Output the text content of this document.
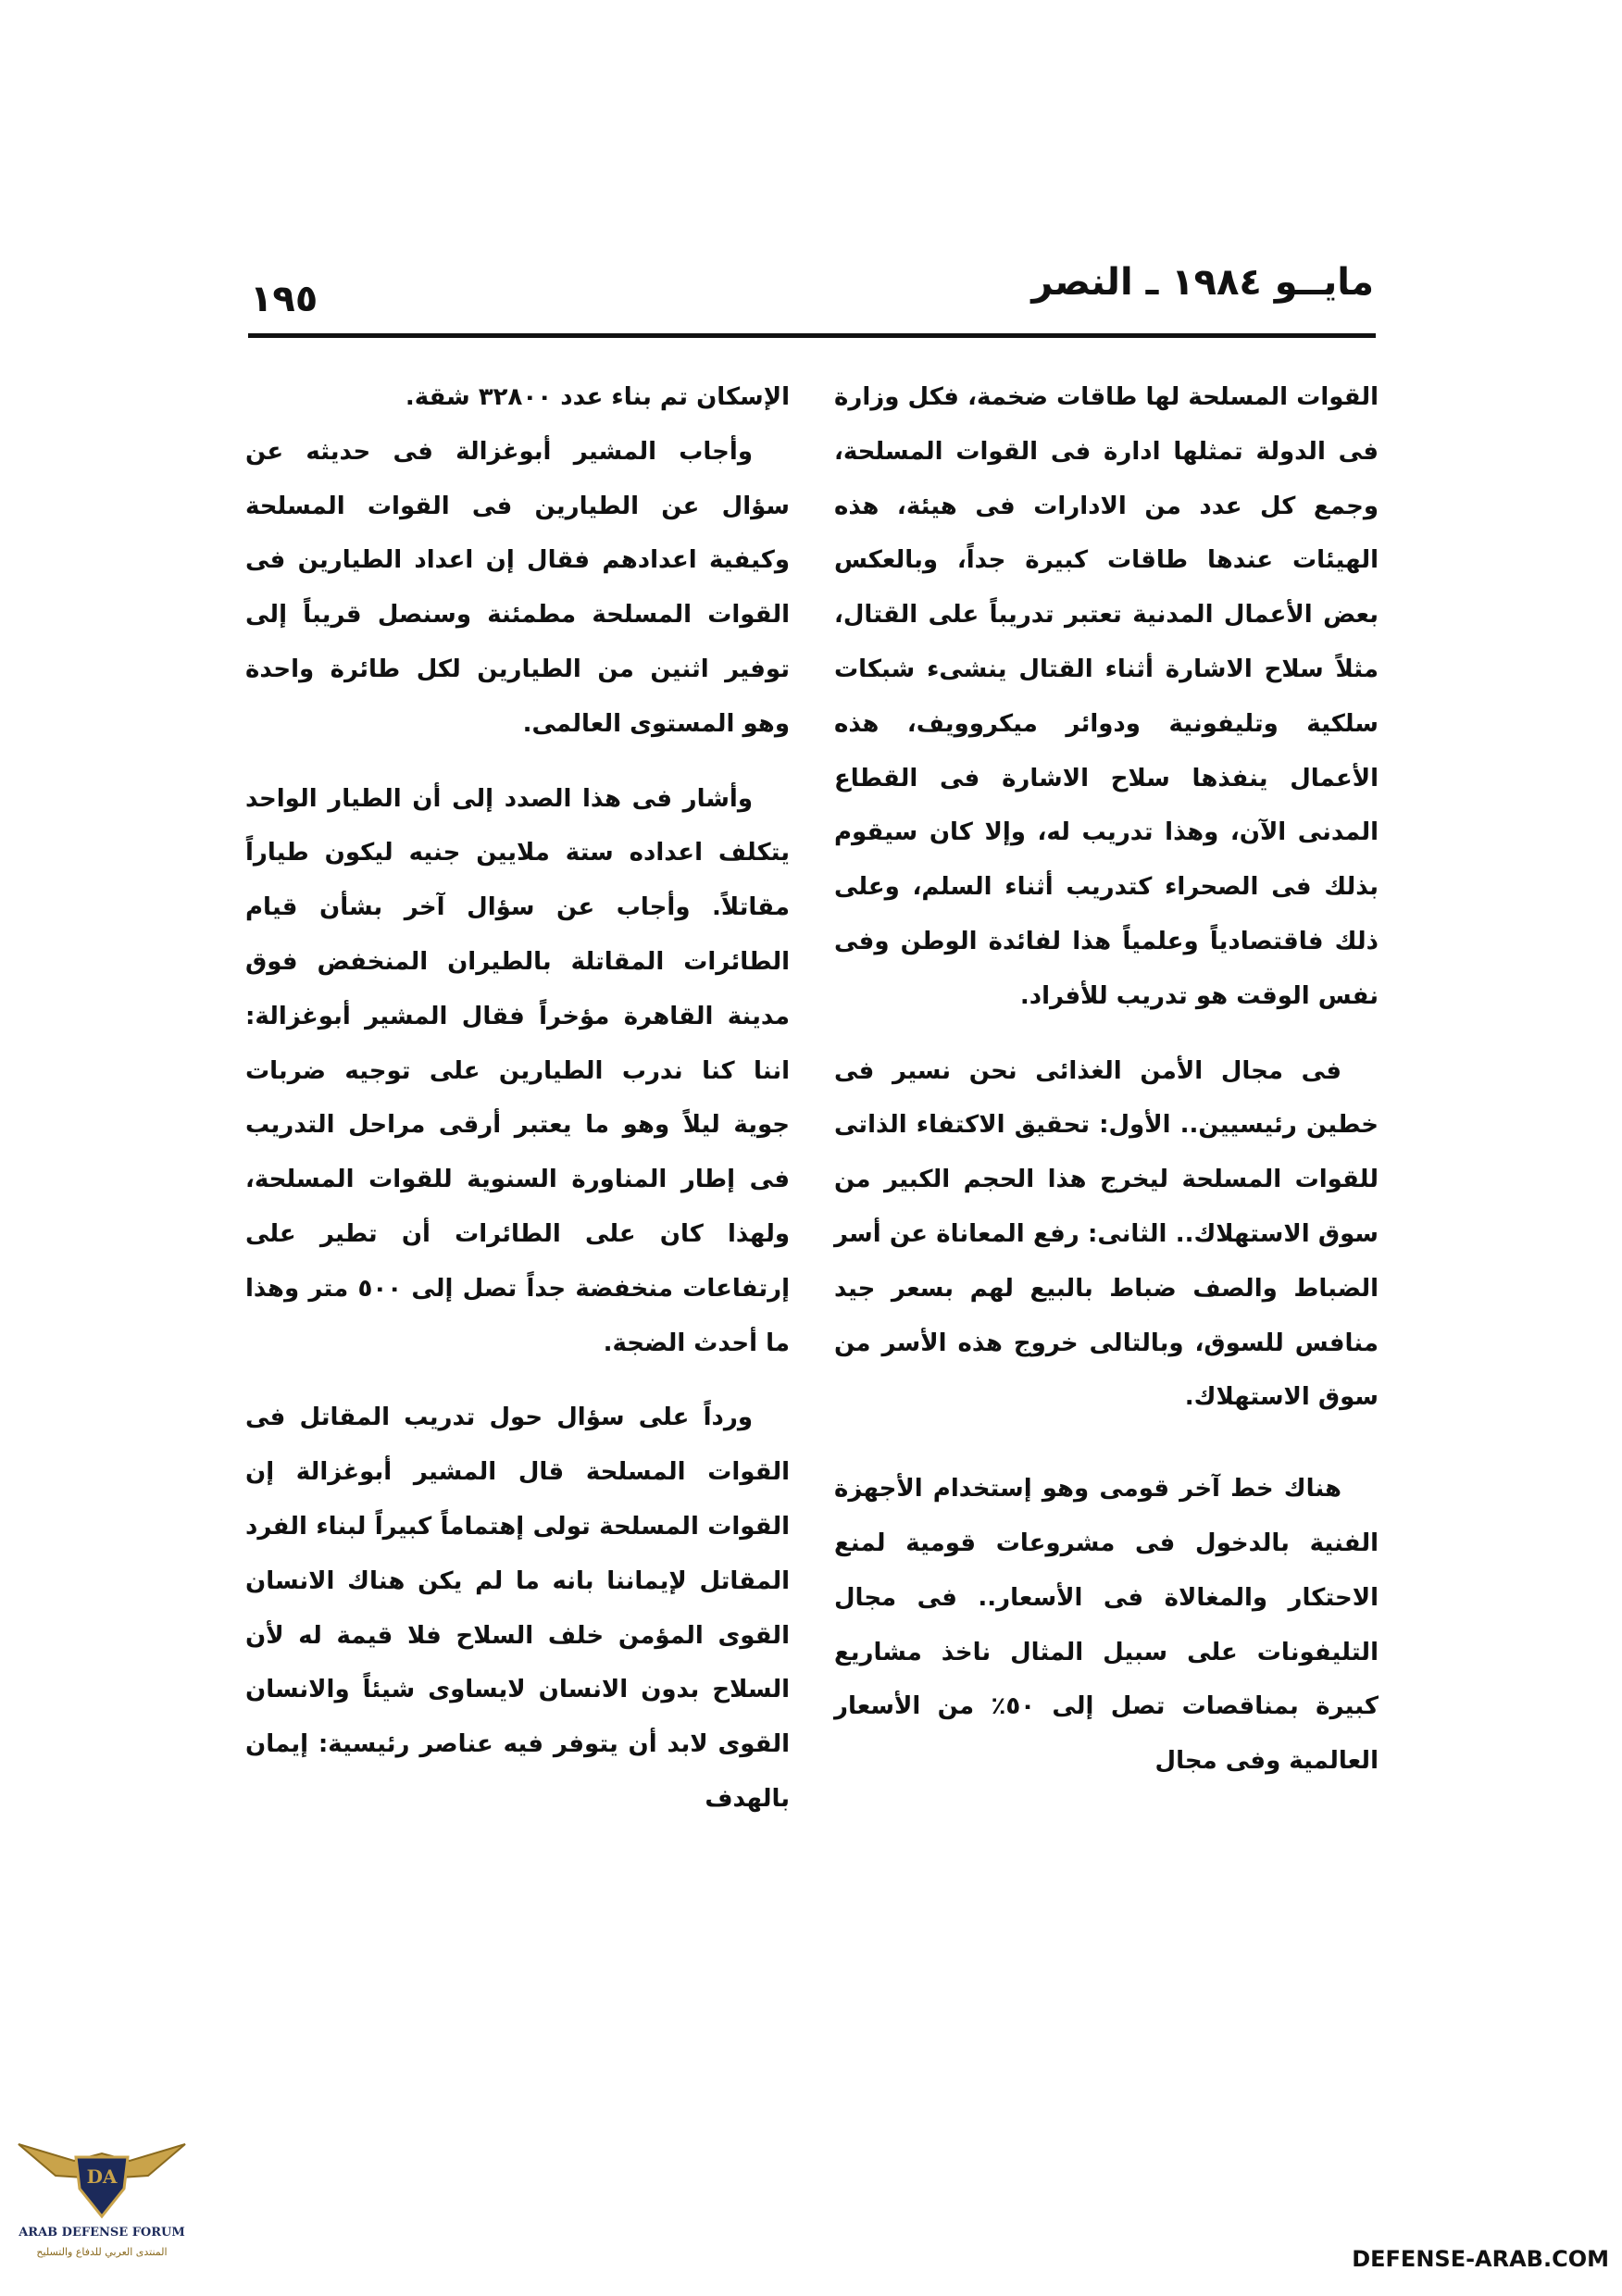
مايــو ١٩٨٤ ـ النصر
١٩٥

القوات المسلحة لها طاقات ضخمة، فكل وزارة فى الدولة تمثلها ادارة فى القوات المسلحة، وجمع كل عدد من الادارات فى هيئة، هذه الهيئات عندها طاقات كبيرة جداً، وبالعكس بعض الأعمال المدنية تعتبر تدريباً على القتال، مثلاً سلاح الاشارة أثناء القتال ينشىء شبكات سلكية وتليفونية ودوائر ميكروويف، هذه الأعمال ينفذها سلاح الاشارة فى القطاع المدنى الآن، وهذا تدريب له، وإلا كان سيقوم بذلك فى الصحراء كتدريب أثناء السلم، وعلى ذلك فاقتصادياً وعلمياً هذا لفائدة الوطن وفى نفس الوقت هو تدريب للأفراد.

فى مجال الأمن الغذائى نحن نسير فى خطين رئيسيين.. الأول: تحقيق الاكتفاء الذاتى للقوات المسلحة ليخرج هذا الحجم الكبير من سوق الاستهلاك.. الثانى: رفع المعاناة عن أسر الضباط والصف ضباط بالبيع لهم بسعر جيد منافس للسوق، وبالتالى خروج هذه الأسر من سوق الاستهلاك.

هناك خط آخر قومى وهو إستخدام الأجهزة الفنية بالدخول فى مشروعات قومية لمنع الاحتكار والمغالاة فى الأسعار.. فى مجال التليفونات على سبيل المثال ناخذ مشاريع كبيرة بمناقصات تصل إلى ٥٠٪ من الأسعار العالمية وفى مجال

الإسكان تم بناء عدد ٣٢٨٠٠ شقة.

وأجاب المشير أبوغزالة فى حديثه عن سؤال عن الطيارين فى القوات المسلحة وكيفية اعدادهم فقال إن اعداد الطيارين فى القوات المسلحة مطمئنة وسنصل قريباً إلى توفير اثنين من الطيارين لكل طائرة واحدة وهو المستوى العالمى.

وأشار فى هذا الصدد إلى أن الطيار الواحد يتكلف اعداده ستة ملايين جنيه ليكون طياراً مقاتلاً. وأجاب عن سؤال آخر بشأن قيام الطائرات المقاتلة بالطيران المنخفض فوق مدينة القاهرة مؤخراً فقال المشير أبوغزالة: اننا كنا ندرب الطيارين على توجيه ضربات جوية ليلاً وهو ما يعتبر أرقى مراحل التدريب فى إطار المناورة السنوية للقوات المسلحة، ولهذا كان على الطائرات أن تطير على إرتفاعات منخفضة جداً تصل إلى ٥٠٠ متر وهذا ما أحدث الضجة.

ورداً على سؤال حول تدريب المقاتل فى القوات المسلحة قال المشير أبوغزالة إن القوات المسلحة تولى إهتماماً كبيراً لبناء الفرد المقاتل لإيماننا بانه ما لم يكن هناك الانسان القوى المؤمن خلف السلاح فلا قيمة له لأن السلاح بدون الانسان لايساوى شيئاً والانسان القوى لابد أن يتوفر فيه عناصر رئيسية: إيمان بالهدف

DA
ARAB DEFENSE FORUM
المنتدى العربي للدفاع والتسليح	DEFENSE-ARAB.COM
